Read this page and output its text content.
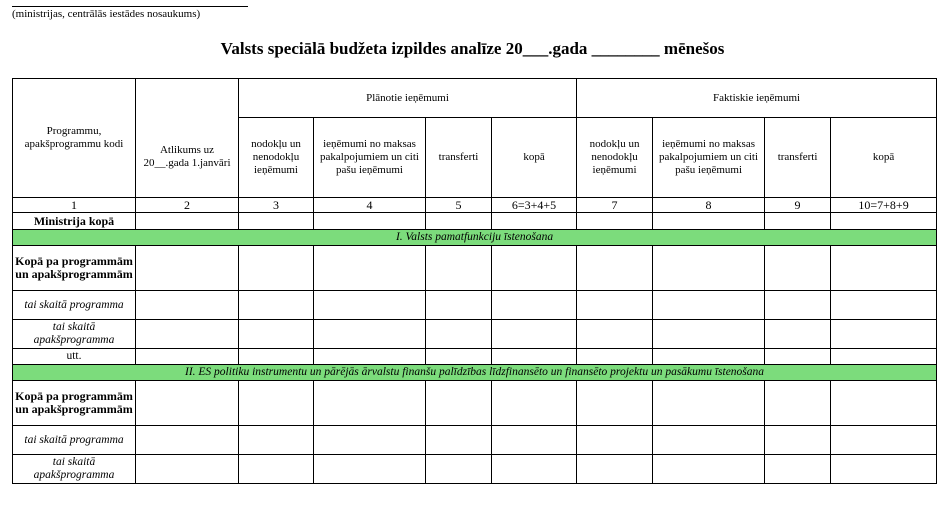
(ministrijas, centrālās iestādes nosaukums)
Valsts speciālā budžeta izpildes analīze 20___.gada ________ mēnešos
Programmu, apakšprogrammu kodi	Atlikums uz 20__.gada 1.janvāri	Plānotie ieņēmumi				Faktiskie ieņēmumi			
		nodokļu un nenodokļu ieņēmumi	ieņēmumi no maksas pakalpojumiem un citi pašu ieņēmumi	transferti	kopā	nodokļu un nenodokļu ieņēmumi	ieņēmumi no maksas pakalpojumiem un citi pašu ieņēmumi	transferti	kopā
1	2	3	4	5	6=3+4+5	7	8	9	10=7+8+9
Ministrija kopā									
I. Valsts pamatfunkciju īstenošana									
Kopā pa programmām un apakšprogrammām									
tai skaitā programma									
tai skaitā apakšprogramma									
utt.									
II. ES politiku instrumentu un pārējās ārvalstu finanšu palīdzības līdzfinansēto un finansēto projektu un pasākumu īstenošana									
Kopā pa programmām un apakšprogrammām									
tai skaitā programma									
tai skaitā apakšprogramma									
